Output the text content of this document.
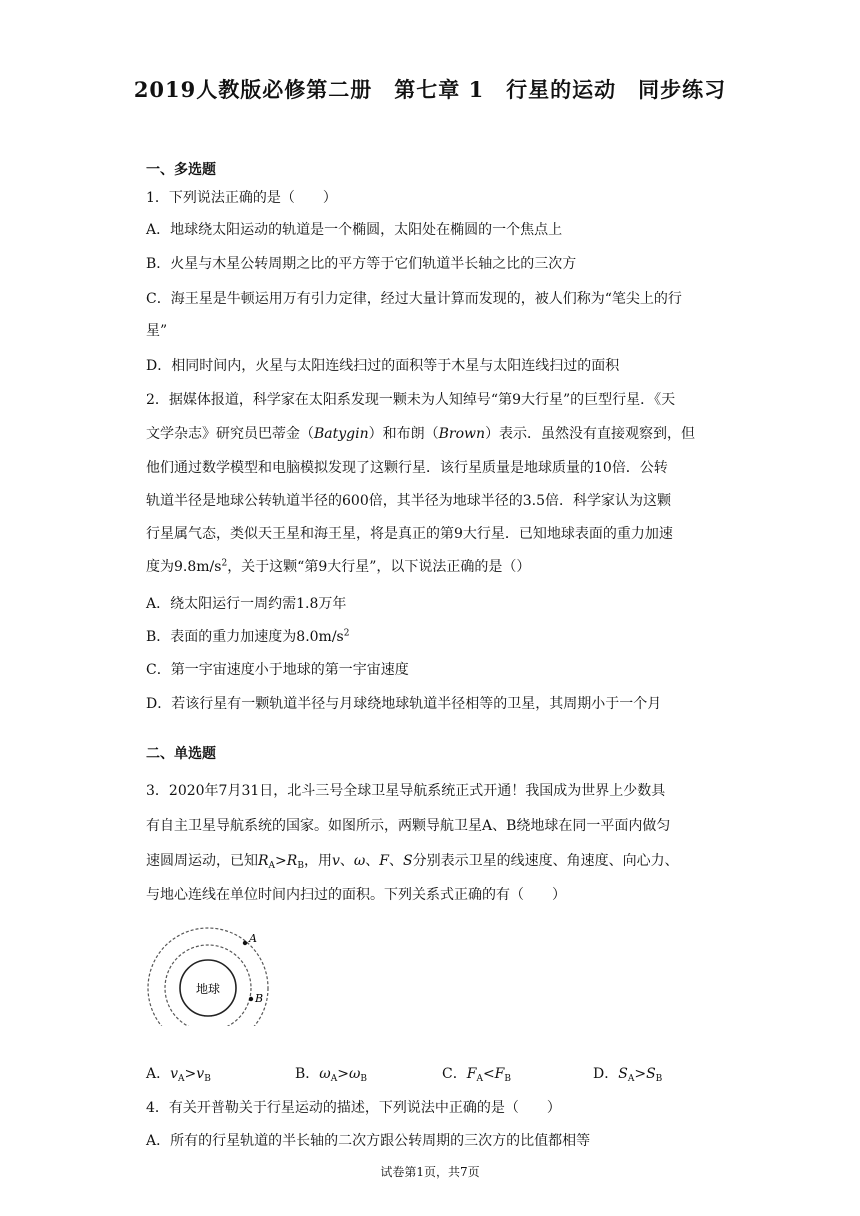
2019人教版必修第二册　第七章 1　行星的运动　同步练习
一、多选题
1．下列说法正确的是（　　）
A．地球绕太阳运动的轨道是一个椭圆，太阳处在椭圆的一个焦点上
B．火星与木星公转周期之比的平方等于它们轨道半长轴之比的三次方
C．海王星是牛顿运用万有引力定律，经过大量计算而发现的，被人们称为“笔尖上的行
星”
D．相同时间内，火星与太阳连线扫过的面积等于木星与太阳连线扫过的面积
2．据媒体报道，科学家在太阳系发现一颗未为人知绰号“第9大行星”的巨型行星．《天
文学杂志》研究员巴蒂金（Batygin）和布朗（Brown）表示．虽然没有直接观察到，但
他们通过数学模型和电脑模拟发现了这颗行星．该行星质量是地球质量的10倍．公转
轨道半径是地球公转轨道半径的600倍，其半径为地球半径的3.5倍．科学家认为这颗
行星属气态，类似天王星和海王星，将是真正的第9大行星．已知地球表面的重力加速
度为$9.8m/s^2$，关于这颗“第9大行星”，以下说法正确的是（）
A．绕太阳运行一周约需1.8万年
B．表面的重力加速度为$8.0m/s^2$
C．第一宇宙速度小于地球的第一宇宙速度
D．若该行星有一颗轨道半径与月球绕地球轨道半径相等的卫星，其周期小于一个月
二、单选题
3．2020年7月31日，北斗三号全球卫星导航系统正式开通！我国成为世界上少数具
有自主卫星导航系统的国家。如图所示，两颗导航卫星A、B绕地球在同一平面内做匀
速圆周运动，已知$R_A>R_B$，用v、ω、F、S分别表示卫星的线速度、角速度、向心力、
与地心连线在单位时间内扫过的面积。下列关系式正确的有（　　）
地球
A
B
A．$v_A>v_B$	B．$\omega_A>\omega_B$	C．$F_A<F_B$	D．$S_A>S_B$
4．有关开普勒关于行星运动的描述，下列说法中正确的是（　　）
A．所有的行星轨道的半长轴的二次方跟公转周期的三次方的比值都相等
试卷第1页，共7页
